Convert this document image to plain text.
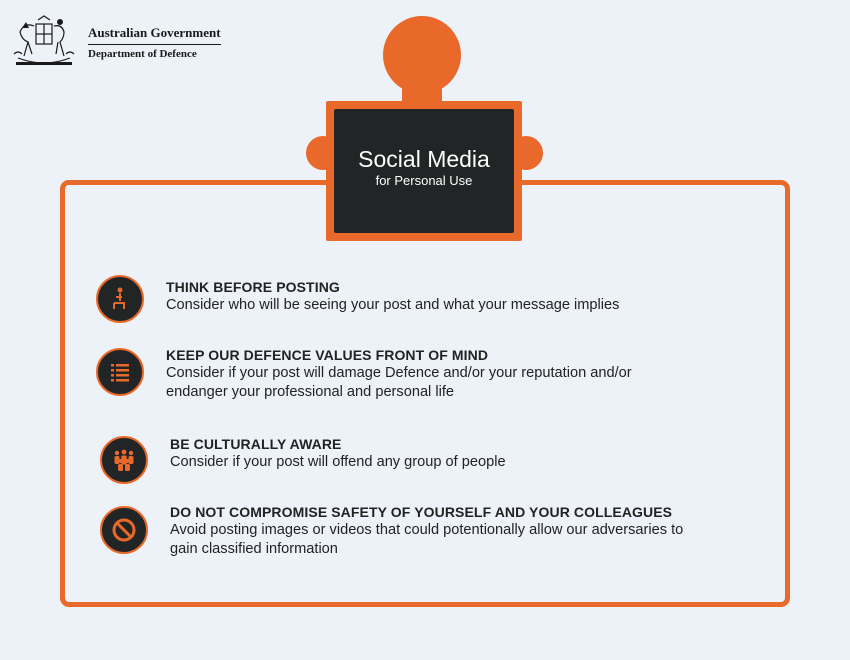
Australian Government
Department of Defence
Social Media
for Personal Use
THINK BEFORE POSTING
Consider who will be seeing your post and what your message implies
KEEP OUR DEFENCE VALUES FRONT OF MIND
Consider if your post will damage Defence and/or your reputation and/or
endanger your professional and personal life
BE CULTURALLY AWARE
Consider if your post will offend any group of people
DO NOT COMPROMISE SAFETY OF YOURSELF AND YOUR COLLEAGUES
Avoid posting images or videos that could potentionally allow our adversaries to
gain classified information
